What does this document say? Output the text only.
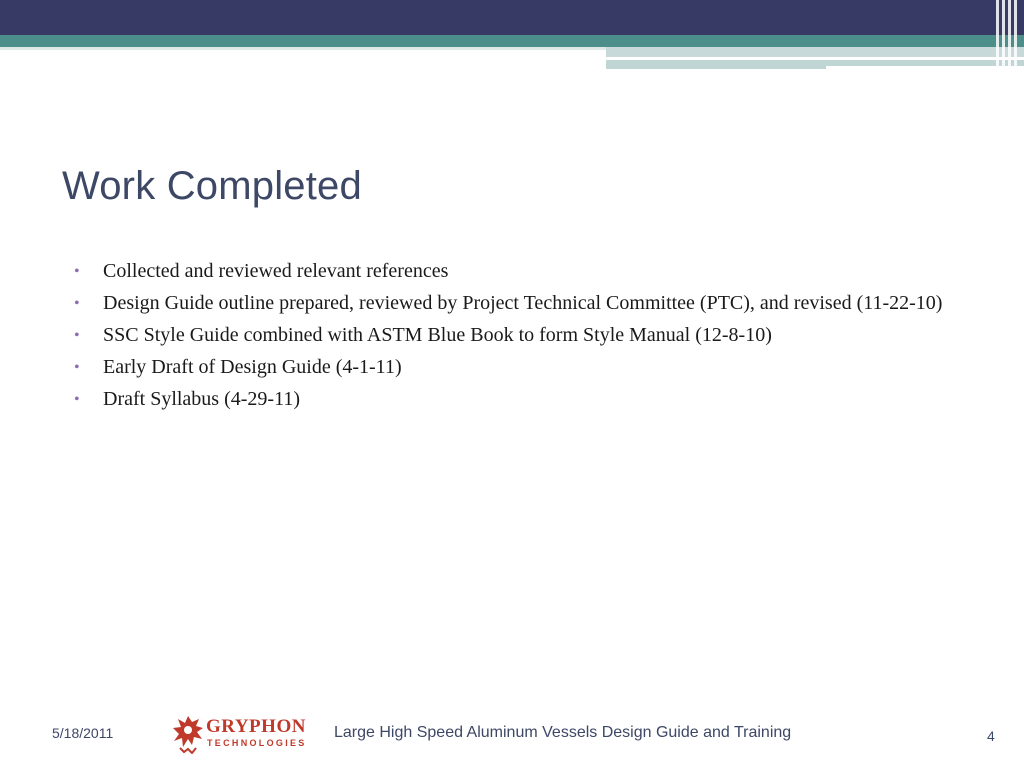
Work Completed
• Collected and reviewed relevant references
• Design Guide outline prepared, reviewed by Project Technical Committee (PTC), and revised (11-22-10)
• SSC Style Guide combined with ASTM Blue Book to form Style Manual (12-8-10)
• Early Draft of Design Guide (4-1-11)
• Draft Syllabus (4-29-11)
5/18/2011	GRYPHON
TECHNOLOGIES
Large High Speed Aluminum Vessels Design Guide and Training	4
